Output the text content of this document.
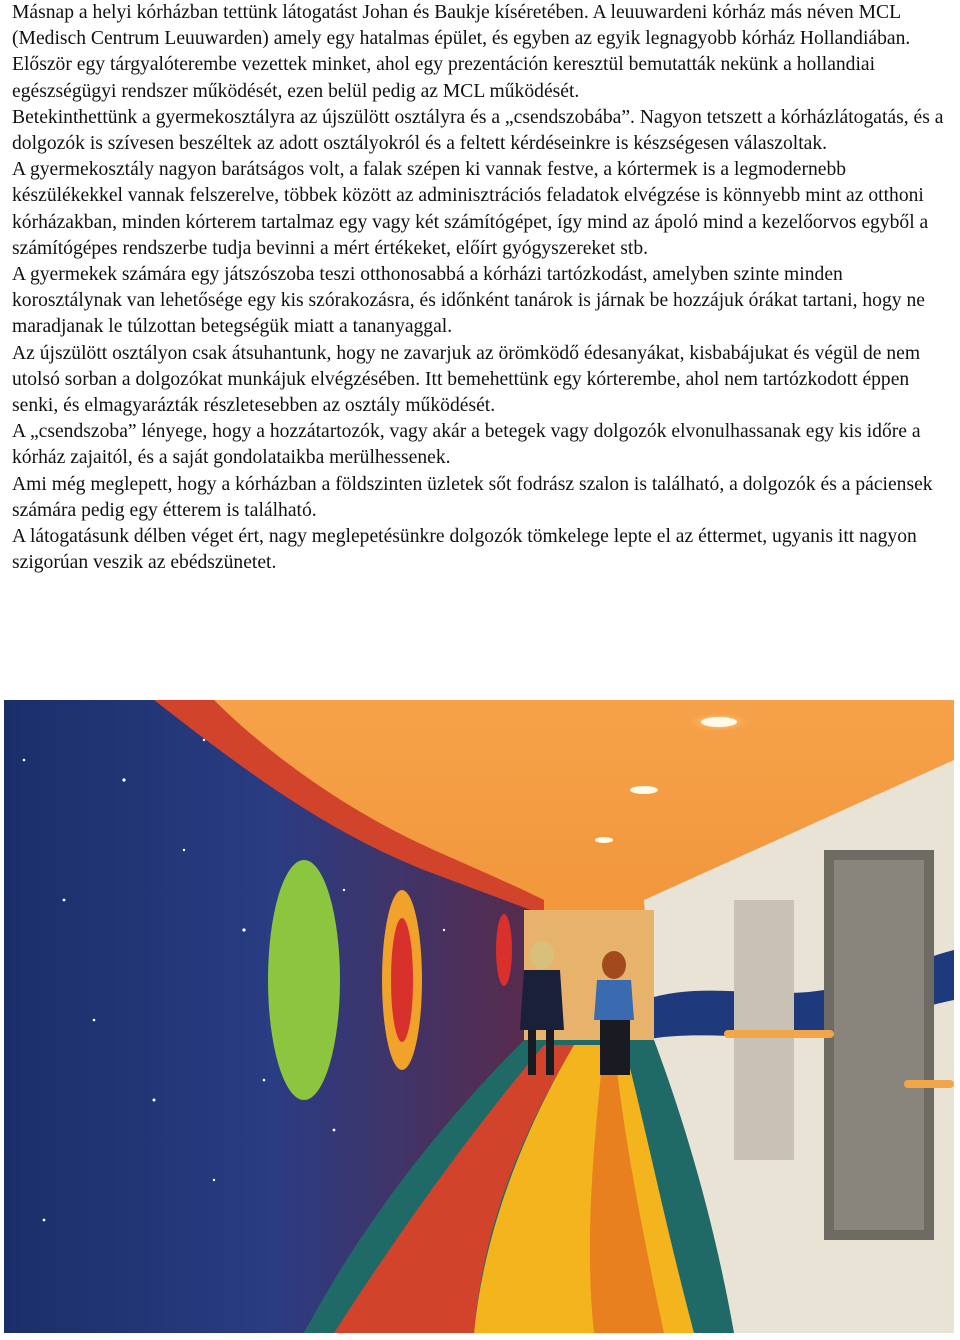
Másnap a helyi kórházban tettünk látogatást Johan és Baukje kíséretében. A leuuwardeni kórház más néven MCL (Medisch Centrum Leuuwarden) amely egy hatalmas épület, és egyben az egyik legnagyobb kórház Hollandiában. Először egy tárgyalóterembe vezettek minket, ahol egy prezentáción keresztül bemutatták nekünk a hollandiai egészségügyi rendszer működését, ezen belül pedig az MCL működését.

Betekinthettünk a gyermekosztályra az újszülött osztályra és a „csendszobába”. Nagyon tetszett a kórházlátogatás, és a dolgozók is szívesen beszéltek az adott osztályokról és a feltett kérdéseinkre is készségesen válaszoltak.

A gyermekosztály nagyon barátságos volt, a falak szépen ki vannak festve, a kórtermek is a legmodernebb készülékekkel vannak felszerelve, többek között az adminisztrációs feladatok elvégzése is könnyebb mint az otthoni kórházakban, minden kórterem tartalmaz egy vagy két számítógépet, így mind az ápoló mind a kezelőorvos egyből a számítógépes rendszerbe tudja bevinni a mért értékeket, előírt gyógyszereket stb.

A gyermekek számára egy játszószoba teszi otthonosabbá a kórházi tartózkodást, amelyben szinte minden korosztálynak van lehetősége egy kis szórakozásra, és időnként tanárok is járnak be hozzájuk órákat tartani, hogy ne maradjanak le túlzottan betegségük miatt a tananyaggal.

Az újszülött osztályon csak átsuhantunk, hogy ne zavarjuk az örömködő édesanyákat, kisbabájukat és végül de nem utolsó sorban a dolgozókat munkájuk elvégzésében. Itt bemehettünk egy kórterembe, ahol nem tartózkodott éppen senki, és elmagyarázták részletesebben az osztály működését.

A „csendszoba” lényege, hogy a hozzátartozók, vagy akár a betegek vagy dolgozók elvonulhassanak egy kis időre a kórház zajaitól, és a saját gondolataikba merülhessenek.

Ami még meglepett, hogy a kórházban a földszinten üzletek sőt fodrász szalon is található, a dolgozók és a páciensek számára pedig egy étterem is található.

A látogatásunk délben véget ért, nagy meglepetésünkre dolgozók tömkelege lepte el az éttermet, ugyanis itt nagyon szigorúan veszik az ebédszünetet.
